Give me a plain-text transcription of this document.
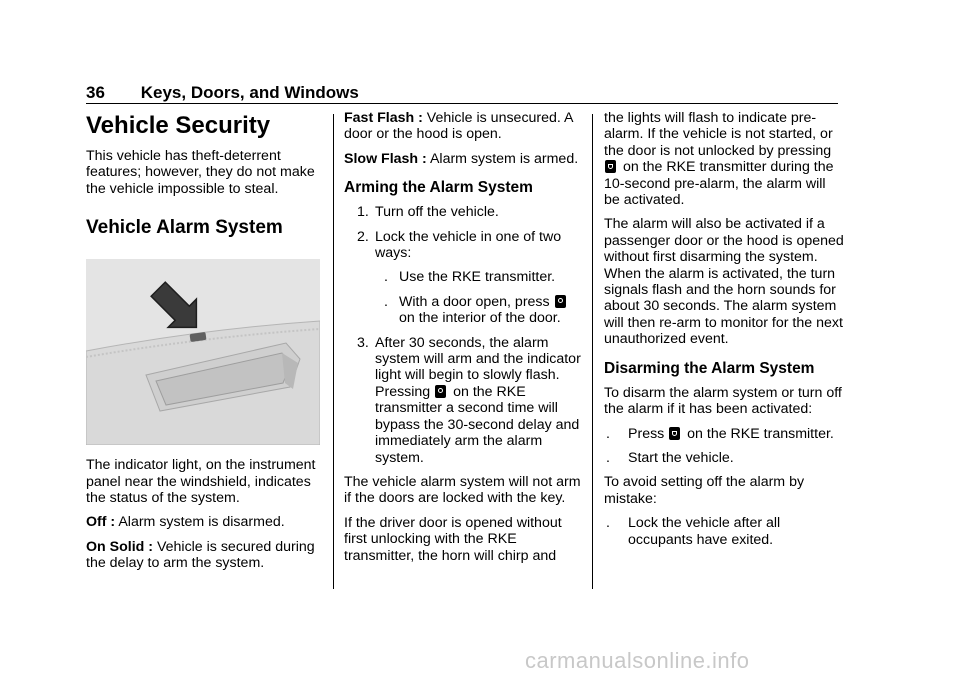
36 Keys, Doors, and Windows
Vehicle Security

This vehicle has theft-deterrent features; however, they do not make the vehicle impossible to steal.

Vehicle Alarm System

The indicator light, on the instrument panel near the windshield, indicates the status of the system.

Off : Alarm system is disarmed.

On Solid : Vehicle is secured during the delay to arm the system.

Fast Flash : Vehicle is unsecured. A door or the hood is open.

Slow Flash : Alarm system is armed.

Arming the Alarm System
1. Turn off the vehicle.
2. Lock the vehicle in one of two ways:
. Use the RKE transmitter.
. With a door open, press  on the interior of the door.
3. After 30 seconds, the alarm system will arm and the indicator light will begin to slowly flash. Pressing on the RKE transmitter a second time will bypass the 30-second delay and immediately arm the alarm system.

The vehicle alarm system will not arm if the doors are locked with the key.

If the driver door is opened without first unlocking with the RKE transmitter, the horn will chirp and

the lights will flash to indicate pre-alarm. If the vehicle is not started, or the door is not unlocked by pressing  on the RKE transmitter during the 10-second pre-alarm, the alarm will be activated.

The alarm will also be activated if a passenger door or the hood is opened without first disarming the system. When the alarm is activated, the turn signals flash and the horn sounds for about 30 seconds. The alarm system will then re-arm to monitor for the next unauthorized event.

Disarming the Alarm System

To disarm the alarm system or turn off the alarm if it has been activated:

. Press on the RKE transmitter.
. Start the vehicle.

To avoid setting off the alarm by mistake:

. Lock the vehicle after all occupants have exited.
carmanualsonline.info
